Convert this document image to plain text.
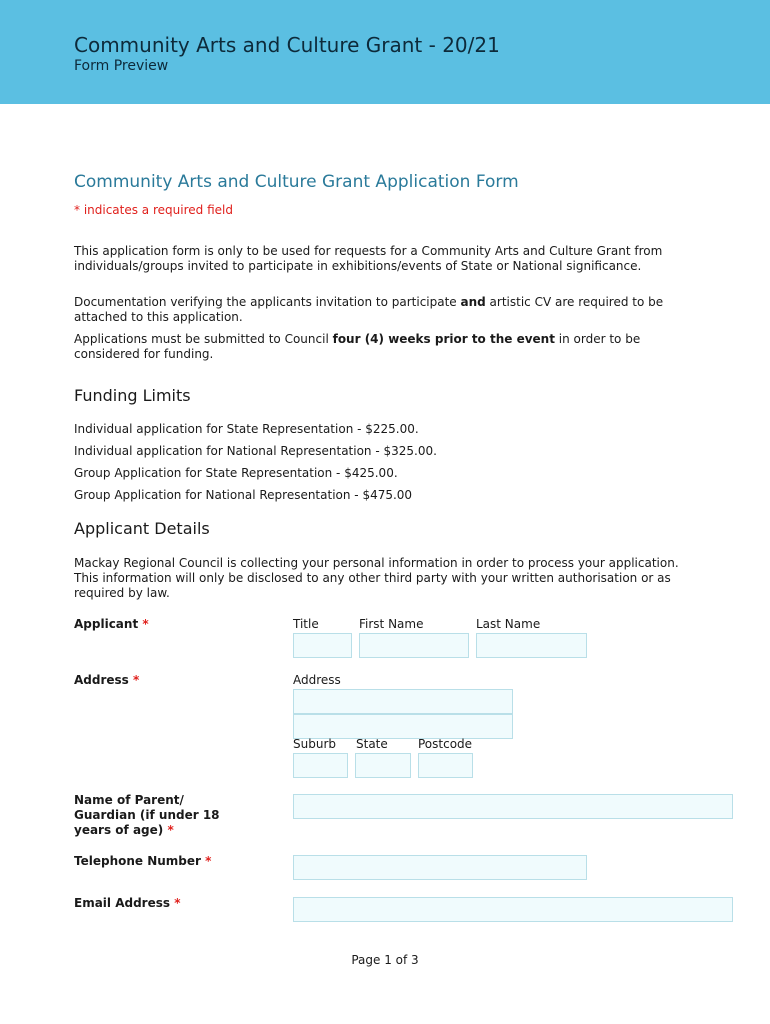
Community Arts and Culture Grant - 20/21
Form Preview
Community Arts and Culture Grant Application Form
* indicates a required field
This application form is only to be used for requests for a Community Arts and Culture Grant from individuals/groups invited to participate in exhibitions/events of State or National significance.
Documentation verifying the applicants invitation to participate and artistic CV are required to be attached to this application.
Applications must be submitted to Council four (4) weeks prior to the event in order to be considered for funding.
Funding Limits
Individual application for State Representation - $225.00.
Individual application for National Representation - $325.00.
Group Application for State Representation - $425.00.
Group Application for National Representation - $475.00
Applicant Details
Mackay Regional Council is collecting your personal information in order to process your application. This information will only be disclosed to any other third party with your written authorisation or as required by law.
Applicant *	Title	First Name	Last Name
Address *	Address
Suburb State	Postcode
Name of Parent/
Guardian (if under 18
years of age) *
Telephone Number *
Email Address *
Page 1 of 3
